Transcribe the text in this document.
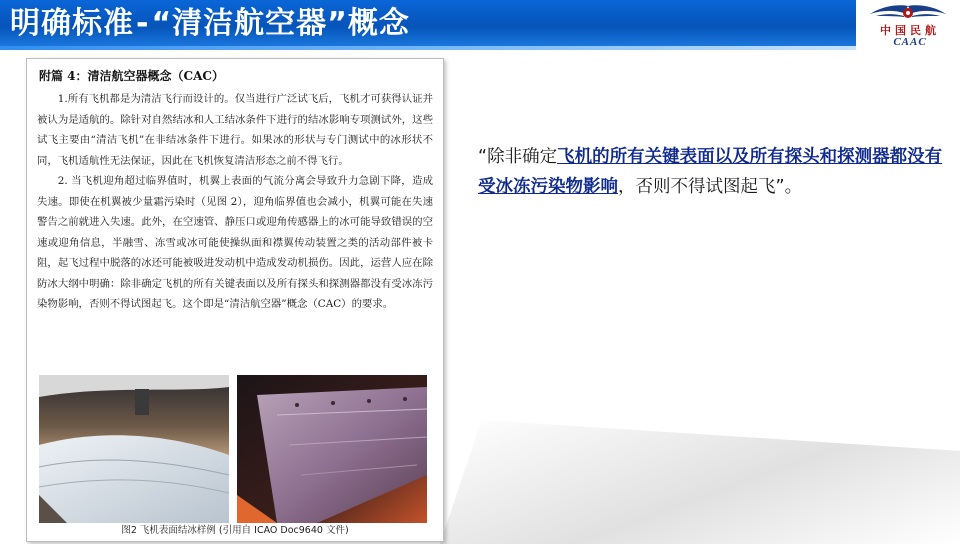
明确标准-“清洁航空器”概念	中国民航
CAAC
附篇 4：清洁航空器概念（CAC）

1.所有飞机都是为清洁飞行而设计的。仅当进行广泛试飞后，飞机才可获得认证并被认为是适航的。除针对自然结冰和人工结冰条件下进行的结冰影响专项测试外，这些试飞主要由“清洁飞机”在非结冰条件下进行。如果冰的形状与专门测试中的冰形状不同，飞机适航性无法保证，因此在飞机恢复清洁形态之前不得飞行。

2. 当飞机迎角超过临界值时，机翼上表面的气流分离会导致升力急剧下降，造成失速。即使在机翼被少量霜污染时（见图 2），迎角临界值也会减小，机翼可能在失速警告之前就进入失速。此外，在空速管、静压口或迎角传感器上的冰可能导致错误的空速或迎角信息，半融雪、冻雪或冰可能使操纵面和襟翼传动装置之类的活动部件被卡阻，起飞过程中脱落的冰还可能被吸进发动机中造成发动机损伤。因此，运营人应在除防冰大纲中明确：除非确定飞机的所有关键表面以及所有探头和探测器都没有受冰冻污染物影响，否则不得试图起飞。这个即是“清洁航空器”概念（CAC）的要求。

图2 飞机表面结冰样例 (引用自 ICAO Doc9640 文件)
“除非确定飞机的所有关键表面以及所有探头和探测器都没有受冰冻污染物影响，否则不得试图起飞”。
